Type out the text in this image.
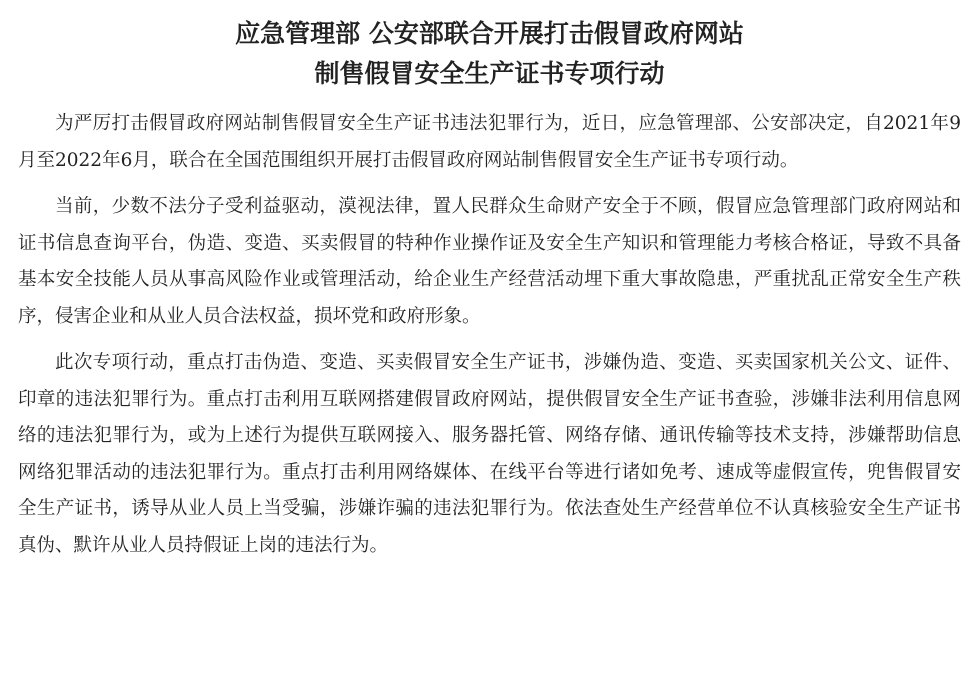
应急管理部 公安部联合开展打击假冒政府网站
制售假冒安全生产证书专项行动

为严厉打击假冒政府网站制售假冒安全生产证书违法犯罪行为，近日，应急管理部、公安部决定，自2021年9月至2022年6月，联合在全国范围组织开展打击假冒政府网站制售假冒安全生产证书专项行动。

当前，少数不法分子受利益驱动，漠视法律，置人民群众生命财产安全于不顾，假冒应急管理部门政府网站和证书信息查询平台，伪造、变造、买卖假冒的特种作业操作证及安全生产知识和管理能力考核合格证，导致不具备基本安全技能人员从事高风险作业或管理活动，给企业生产经营活动埋下重大事故隐患，严重扰乱正常安全生产秩序，侵害企业和从业人员合法权益，损坏党和政府形象。

此次专项行动，重点打击伪造、变造、买卖假冒安全生产证书，涉嫌伪造、变造、买卖国家机关公文、证件、印章的违法犯罪行为。重点打击利用互联网搭建假冒政府网站，提供假冒安全生产证书查验，涉嫌非法利用信息网络的违法犯罪行为，或为上述行为提供互联网接入、服务器托管、网络存储、通讯传输等技术支持，涉嫌帮助信息网络犯罪活动的违法犯罪行为。重点打击利用网络媒体、在线平台等进行诸如免考、速成等虚假宣传，兜售假冒安全生产证书，诱导从业人员上当受骗，涉嫌诈骗的违法犯罪行为。依法查处生产经营单位不认真核验安全生产证书真伪、默许从业人员持假证上岗的违法行为。
